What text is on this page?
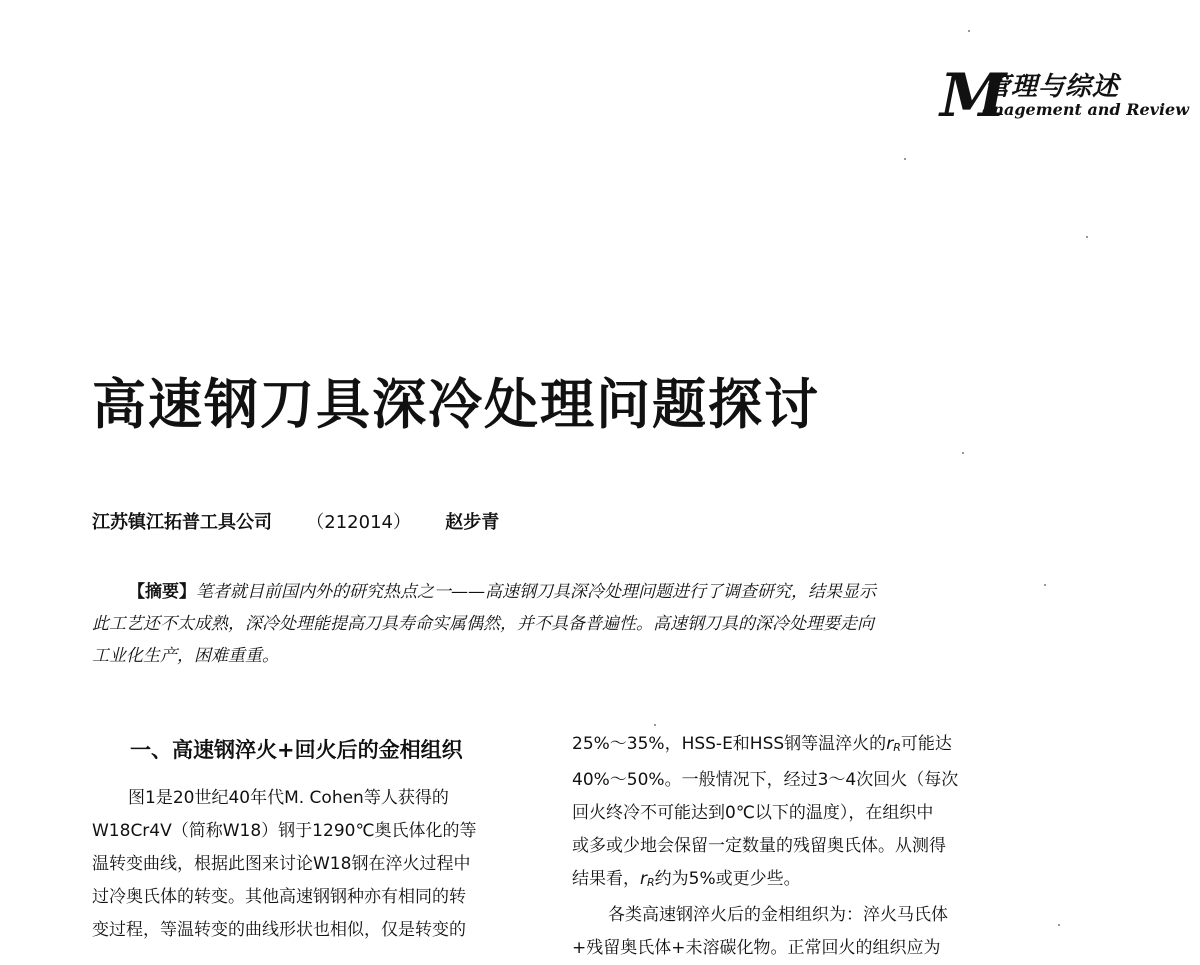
M
管理与综述
anagement and Review
高速钢刀具深冷处理问题探讨
江苏镇江拓普工具公司 （212014） 赵步青
【摘要】笔者就目前国内外的研究热点之一——高速钢刀具深冷处理问题进行了调查研究，结果显示
此工艺还不太成熟，深冷处理能提高刀具寿命实属偶然，并不具备普遍性。高速钢刀具的深冷处理要走向
工业化生产，困难重重。
一、高速钢淬火+回火后的金相组织
图1是20世纪40年代M. Cohen等人获得的
W18Cr4V（简称W18）钢于1290℃奥氏体化的等
温转变曲线，根据此图来讨论W18钢在淬火过程中
过冷奥氏体的转变。其他高速钢钢种亦有相同的转
变过程，等温转变的曲线形状也相似，仅是转变的
25%～35%，HSS-E和HSS钢等温淬火的rR可能达
40%～50%。一般情况下，经过3～4次回火（每次
回火终冷不可能达到0℃以下的温度），在组织中
或多或少地会保留一定数量的残留奥氏体。从测得
结果看，rR约为5%或更少些。
各类高速钢淬火后的金相组织为：淬火马氏体
+残留奥氏体+未溶碳化物。正常回火的组织应为
